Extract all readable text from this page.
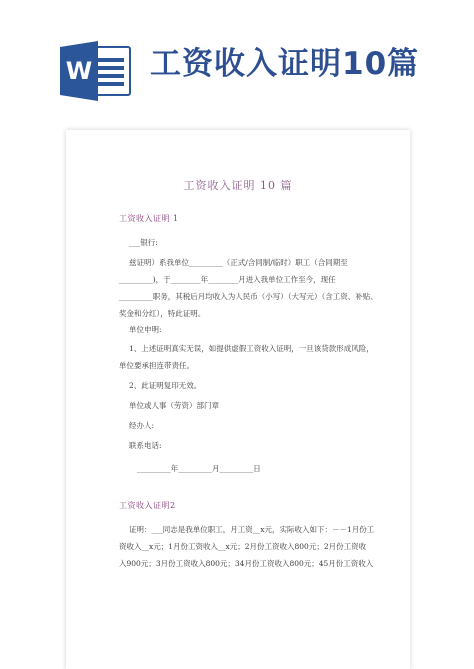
W 工资收入证明10篇
工资收入证明 10 篇
工资收入证明 1
___银行:
兹证明）系我单位_________（正式/合同制/临时）职工（合同期至
_________)，于________年________月进入我单位工作至今，现任
_________职务，其税后月均收入为人民币（小写）（大写元）（含工资、补贴、
奖金和分红），特此证明。
单位申明:
1、上述证明真实无误，如提供虚假工资收入证明，一旦该贷款形成风险，
单位要承担连带责任。
2、此证明复印无效。
单位或人事（劳资）部门章
经办人:
联系电话:
_________年_________月_________日
工资收入证明2
证明：___同志是我单位职工，月工资__x元，实际收入如下：－－1月份工
资收入__x元；1月份工资收入__x元；2月份工资收入800元；2月份工资收
入900元；3月份工资收入800元；34月份工资收入800元；45月份工资收入
